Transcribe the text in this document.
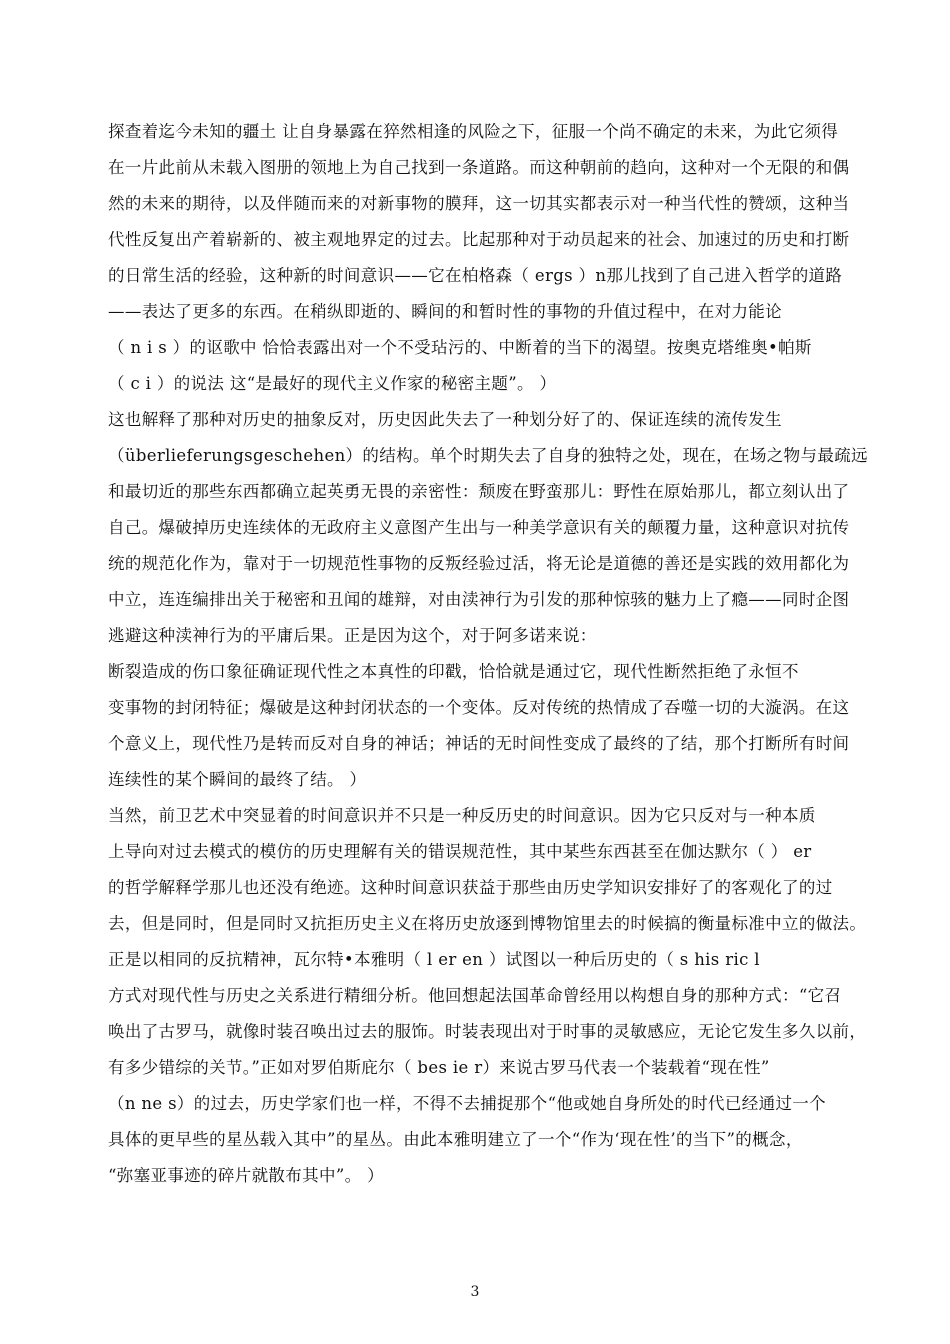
探查着迄今未知的疆土 让自身暴露在猝然相逢的风险之下，征服一个尚不确定的未来，为此它须得
在一片此前从未载入图册的领地上为自己找到一条道路。而这种朝前的趋向，这种对一个无限的和偶
然的未来的期待，以及伴随而来的对新事物的膜拜，这一切其实都表示对一种当代性的赞颂，这种当
代性反复出产着崭新的、被主观地界定的过去。比起那种对于动员起来的社会、加速过的历史和打断
的日常生活的经验，这种新的时间意识——它在柏格森（ ergs ）n那儿找到了自己进入哲学的道路
——表达了更多的东西。在稍纵即逝的、瞬间的和暂时性的事物的升值过程中，在对力能论
（ n i s ）的讴歌中 恰恰表露出对一个不受玷污的、中断着的当下的渴望。按奥克塔维奥•帕斯
（ c i ）的说法 这“是最好的现代主义作家的秘密主题”。 ）
这也解释了那种对历史的抽象反对，历史因此失去了一种划分好了的、保证连续的流传发生
（überlieferungsgeschehen）的结构。单个时期失去了自身的独特之处，现在，在场之物与最疏远
和最切近的那些东西都确立起英勇无畏的亲密性：颓废在野蛮那儿：野性在原始那儿，都立刻认出了
自己。爆破掉历史连续体的无政府主义意图产生出与一种美学意识有关的颠覆力量，这种意识对抗传
统的规范化作为，靠对于一切规范性事物的反叛经验过活，将无论是道德的善还是实践的效用都化为
中立，连连编排出关于秘密和丑闻的雄辩，对由渎神行为引发的那种惊骇的魅力上了瘾——同时企图
逃避这种渎神行为的平庸后果。正是因为这个，对于阿多诺来说：
断裂造成的伤口象征确证现代性之本真性的印戳，恰恰就是通过它，现代性断然拒绝了永恒不
变事物的封闭特征；爆破是这种封闭状态的一个变体。反对传统的热情成了吞噬一切的大漩涡。在这
个意义上，现代性乃是转而反对自身的神话；神话的无时间性变成了最终的了结，那个打断所有时间
连续性的某个瞬间的最终了结。 ）
当然，前卫艺术中突显着的时间意识并不只是一种反历史的时间意识。因为它只反对与一种本质
上导向对过去模式的模仿的历史理解有关的错误规范性，其中某些东西甚至在伽达默尔（ ） er
的哲学解释学那儿也还没有绝迹。这种时间意识获益于那些由历史学知识安排好了的客观化了的过
去，但是同时，但是同时又抗拒历史主义在将历史放逐到博物馆里去的时候搞的衡量标准中立的做法。
正是以相同的反抗精神，瓦尔特•本雅明（ l er en ）试图以一种后历史的（ s his ric l
方式对现代性与历史之关系进行精细分析。他回想起法国革命曾经用以构想自身的那种方式：“它召
唤出了古罗马，就像时装召唤出过去的服饰。时装表现出对于时事的灵敏感应，无论它发生多久以前，
有多少错综的关节。”正如对罗伯斯庇尔（ bes ie r）来说古罗马代表一个装载着“现在性”
（n ne s）的过去，历史学家们也一样，不得不去捕捉那个“他或她自身所处的时代已经通过一个
具体的更早些的星丛载入其中”的星丛。由此本雅明建立了一个“作为‘现在性’的当下”的概念，
“弥塞亚事迹的碎片就散布其中”。 ）
3
